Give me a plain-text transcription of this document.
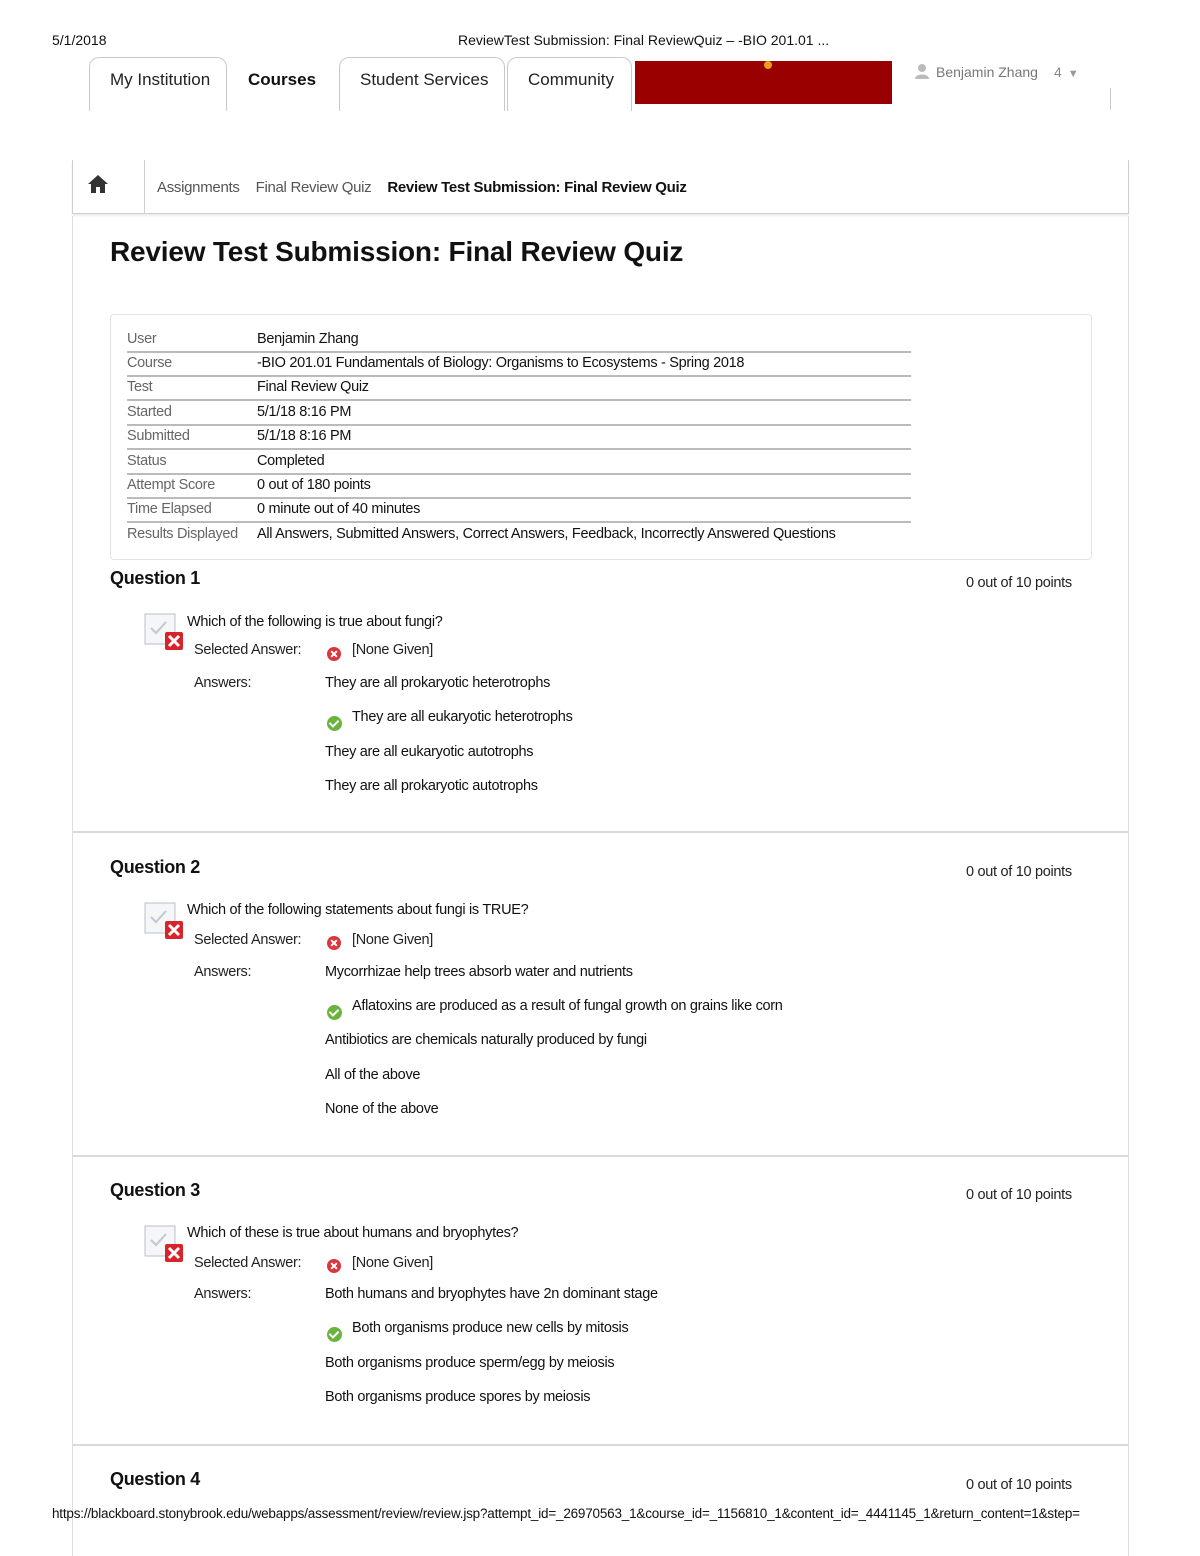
5/1/2018	ReviewTest Submission: Final ReviewQuiz – -BIO 201.01 ...
My Institution	Courses	Student Services	Community	Benjamin Zhang 4 ▼
Assignments Final Review Quiz Review Test Submission: Final Review Quiz
Review Test Submission: Final Review Quiz
User	Benjamin Zhang
Course	-BIO 201.01 Fundamentals of Biology: Organisms to Ecosystems - Spring 2018
Test	Final Review Quiz
Started	5/1/18 8:16 PM
Submitted	5/1/18 8:16 PM
Status	Completed
Attempt Score	0 out of 180 points
Time Elapsed	0 minute out of 40 minutes
Results Displayed All Answers, Submitted Answers, Correct Answers, Feedback, Incorrectly Answered Questions
Question 1	0 out of 10 points
Which of the following is true about fungi?
Selected Answer:	[None Given]
Answers:	They are all prokaryotic heterotrophs
They are all eukaryotic heterotrophs
They are all eukaryotic autotrophs
They are all prokaryotic autotrophs
Question 2	0 out of 10 points
Which of the following statements about fungi is TRUE?
Selected Answer:	[None Given]
Answers:	Mycorrhizae help trees absorb water and nutrients
Aflatoxins are produced as a result of fungal growth on grains like corn
Antibiotics are chemicals naturally produced by fungi
All of the above
None of the above
Question 3	0 out of 10 points
Which of these is true about humans and bryophytes?
Selected Answer:	[None Given]
Answers:	Both humans and bryophytes have 2n dominant stage
Both organisms produce new cells by mitosis
Both organisms produce sperm/egg by meiosis
Both organisms produce spores by meiosis
Question 4	0 out of 10 points
https://blackboard.stonybrook.edu/webapps/assessment/review/review.jsp?attempt_id=_26970563_1&course_id=_1156810_1&content_id=_4441145_1&return_content=1&step=
